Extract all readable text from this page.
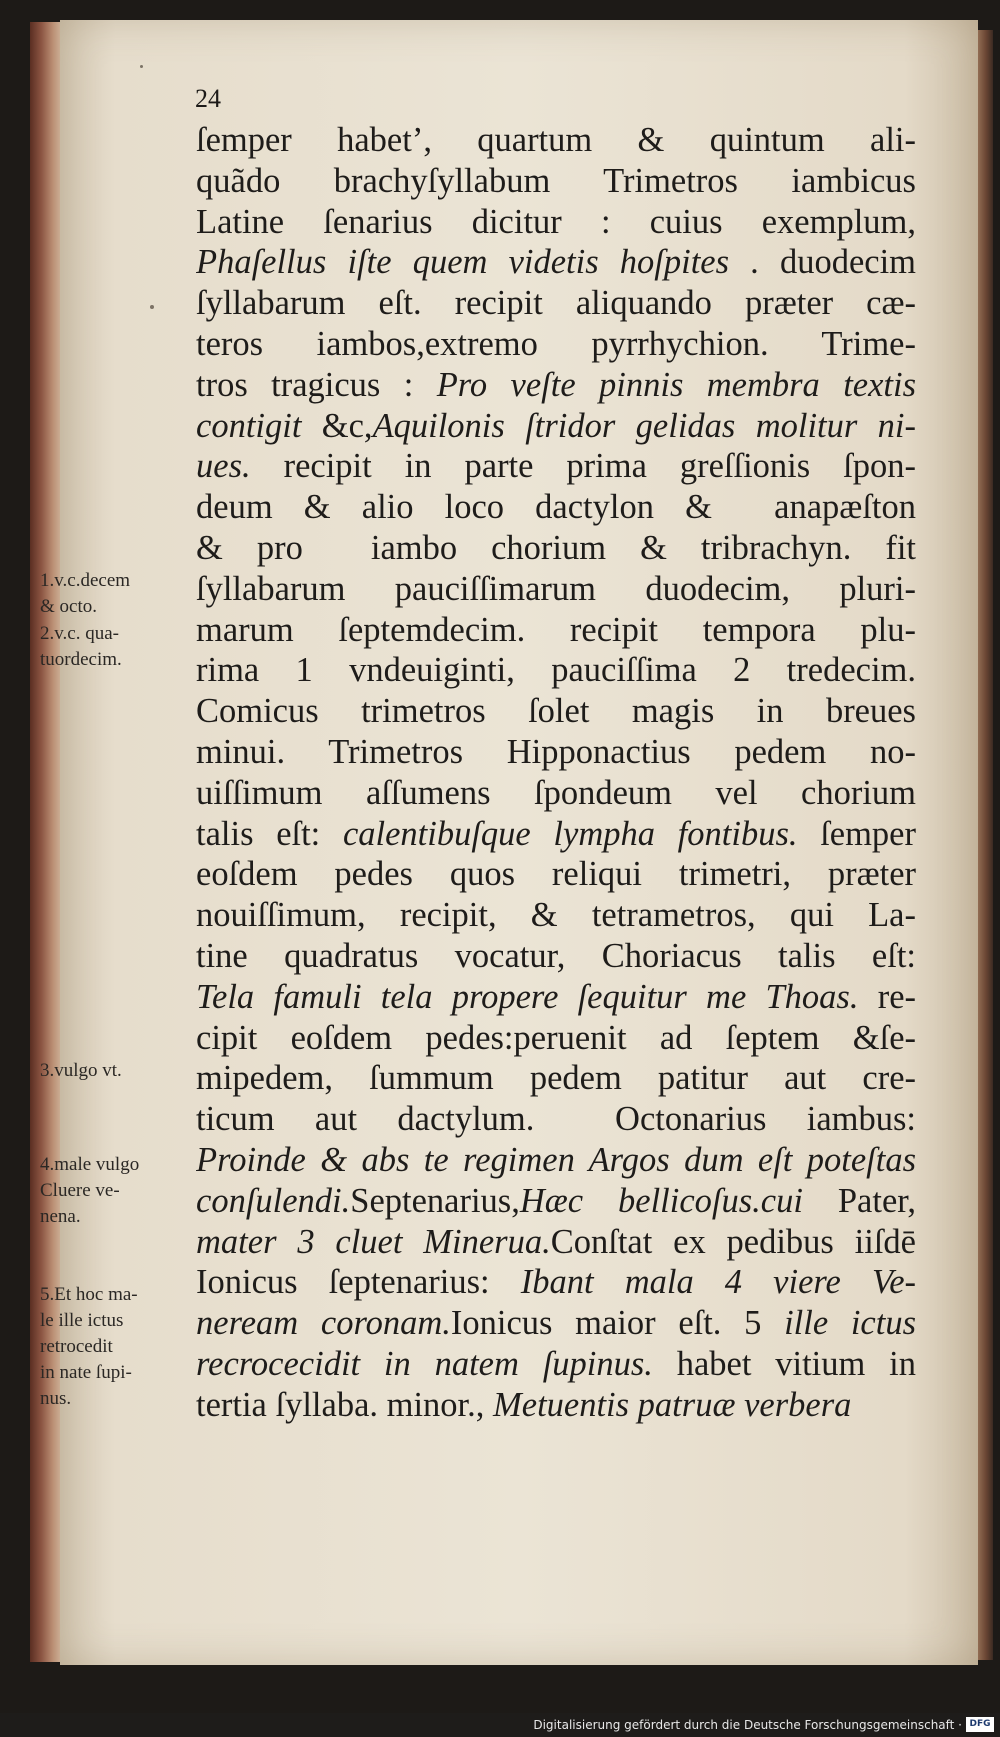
24
ſemper habet’, quartum & quintum ali-
quãdo brachyſyllabum Trimetros iambicus
Latine ſenarius dicitur : cuius exemplum,
Phaſellus iſte quem videtis hoſpites . duodecim
ſyllabarum eſt. recipit aliquando præter cæ-
teros iambos,extremo pyrrhychion. Trime-
tros tragicus : Pro veſte pinnis membra textis
contigit &c,Aquilonis ſtridor gelidas molitur ni-
ues. recipit in parte prima greſſionis ſpon-
deum & alio loco dactylon &  anapæſton
& pro  iambo chorium & tribrachyn. fit
ſyllabarum pauciſſimarum duodecim, pluri-
marum ſeptemdecim. recipit tempora plu-
rima 1 vndeuiginti, pauciſſima 2 tredecim.
Comicus trimetros ſolet magis in breues
minui. Trimetros Hipponactius pedem no-
uiſſimum aſſumens ſpondeum vel chorium
talis eſt: calentibuſque lympha fontibus. ſemper
eoſdem pedes quos reliqui trimetri, præter
nouiſſimum, recipit, & tetrametros, qui La-
tine quadratus vocatur, Choriacus talis eſt:
Tela famuli tela propere ſequitur me Thoas. re-
cipit eoſdem pedes:peruenit ad ſeptem &ſe-
mipedem, ſummum pedem patitur aut cre-
ticum aut dactylum.  Octonarius iambus:
Proinde & abs te regimen Argos dum eſt poteſtas
conſulendi.Septenarius,Hæc bellicoſus.cui Pater,
mater 3 cluet Minerua.Conſtat ex pedibus iiſdē
Ionicus ſeptenarius: Ibant mala 4 viere Ve-
neream coronam.Ionicus maior eſt. 5 ille ictus
recrocecidit in natem ſupinus. habet vitium in
tertia ſyllaba. minor., Metuentis patruæ verbera
1.v.c.decem
& octo.
2.v.c. qua-
tuordecim.
3.vulgo vt.
4.male vulgo
Cluere ve-
nena.
5.Et hoc ma-
le ille ictus
retrocedit
in nate ſupi-
nus.
Digitalisierung gefördert durch die Deutsche Forschungsgemeinschaft · DFG
